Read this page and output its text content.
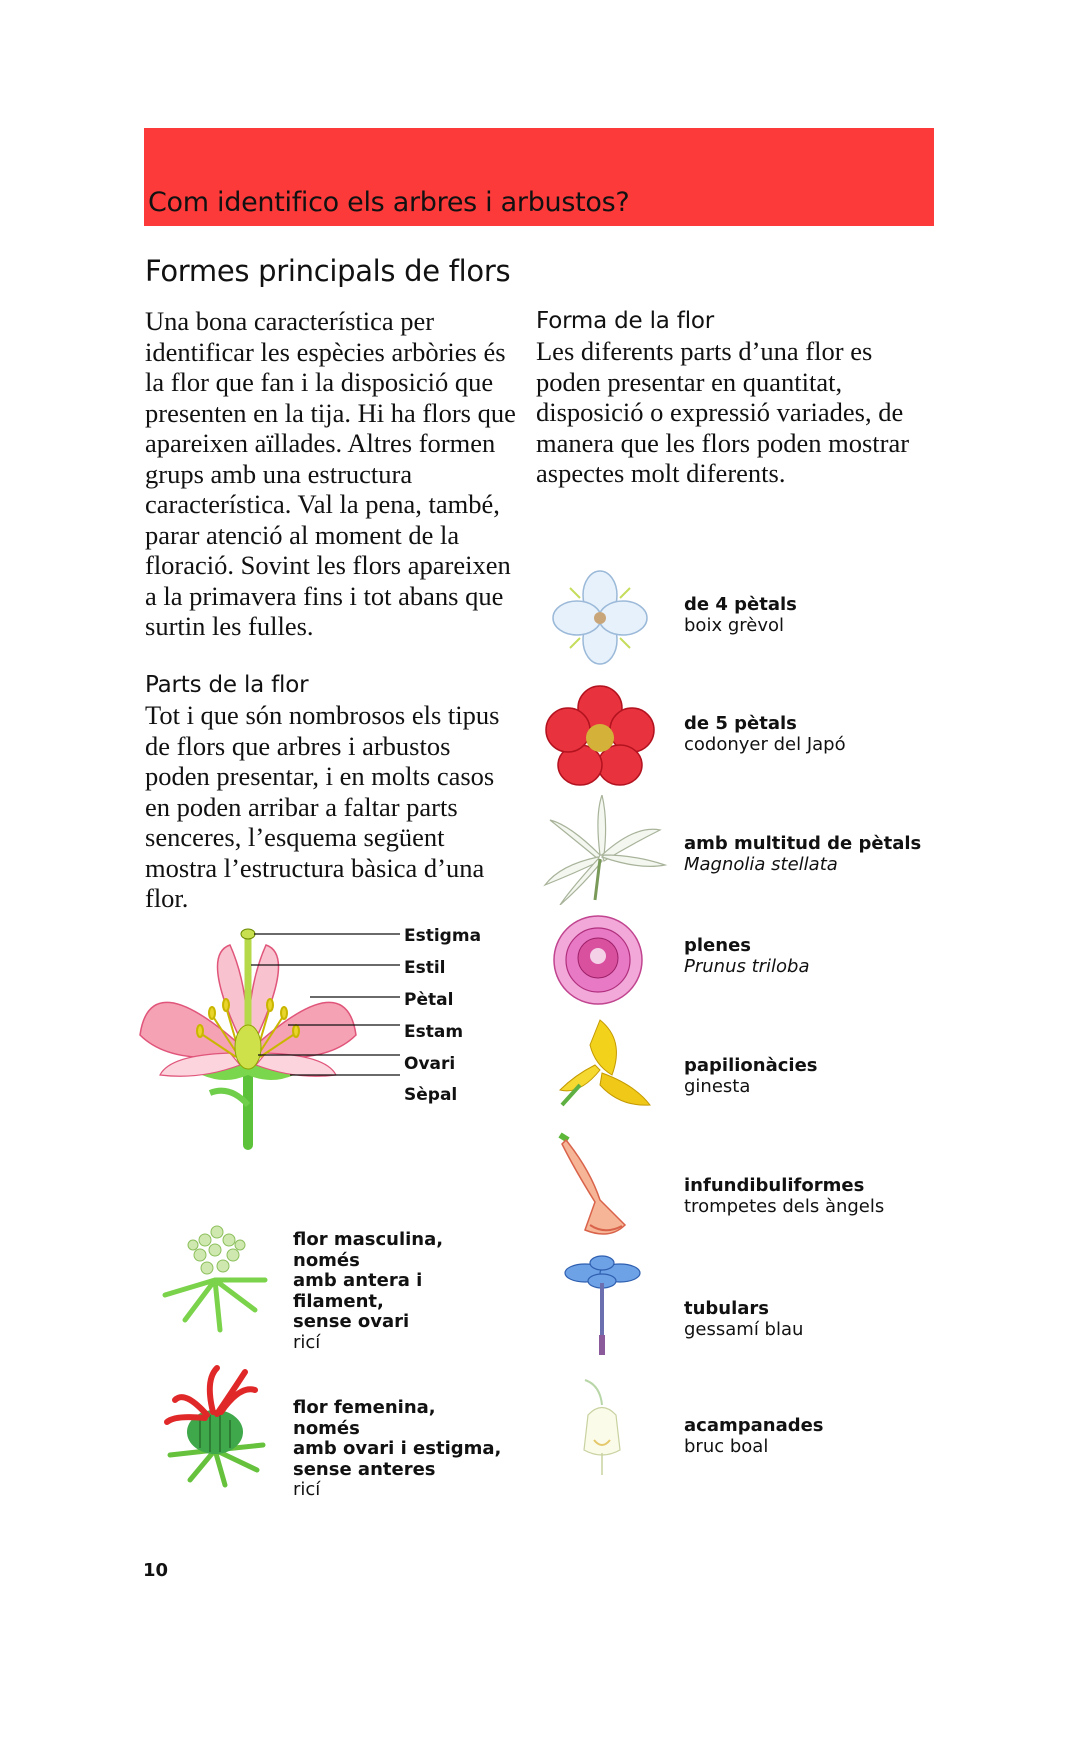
Com identifico els arbres i arbustos?
Formes principals de flors

Una bona característica per identificar les espècies arbòries és la flor que fan i la disposició que presenten en la tija. Hi ha flors que apareixen aïllades. Altres formen grups amb una estructura característica. Val la pena, també, parar atenció al moment de la floració. Sovint les flors apareixen a la primavera fins i tot abans que surtin les fulles.

Parts de la flor

Tot i que són nombrosos els tipus de flors que arbres i arbustos poden presentar, i en molts casos en poden arribar a faltar parts senceres, l’esquema següent mostra l’estructura bàsica d’una flor.

Forma de la flor

Les diferents parts d’una flor es poden presentar en quantitat, disposició o expressió variades, de manera que les flors poden mostrar aspectes molt diferents.

Estigma
Estil
Pètal
Estam
Ovari
Sèpal
flor masculina, només
amb antera i filament,
sense ovari
ricí
flor femenina, només
amb ovari i estigma,
sense anteres
ricí
de 4 pètals
boix grèvol
de 5 pètals
codonyer del Japó
amb multitud de pètals
Magnolia stellata
plenes
Prunus triloba
papilionàcies
ginesta
infundibuliformes
trompetes dels àngels
tubulars
gessamí blau
acampanades
bruc boal
10
